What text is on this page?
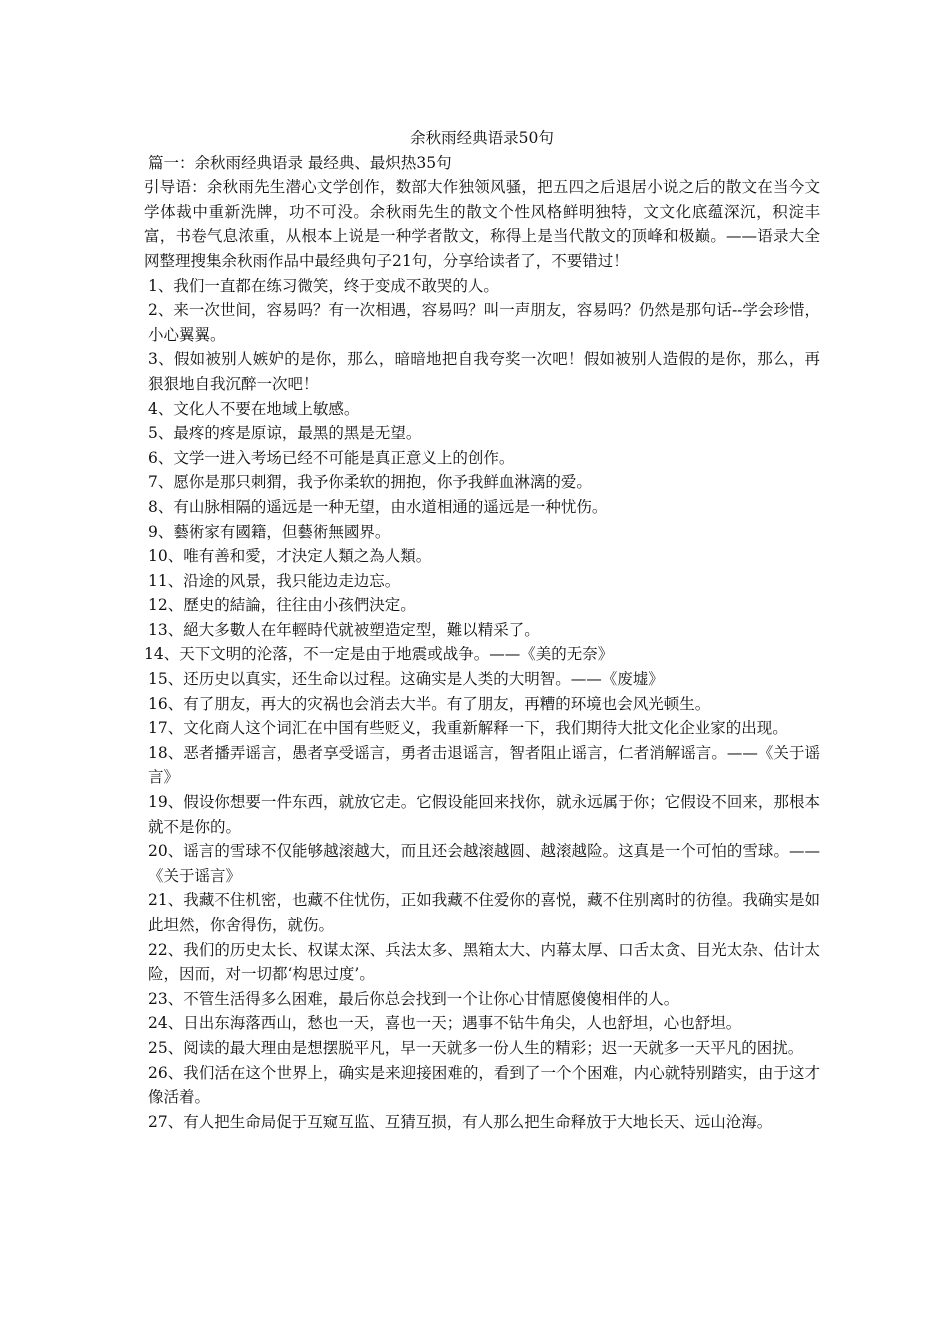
余秋雨经典语录50句

篇一：余秋雨经典语录 最经典、最炽热35句

引导语：余秋雨先生潜心文学创作，数部大作独领风骚，把五四之后退居小说之后的散文在当今文学体裁中重新洗牌，功不可没。余秋雨先生的散文个性风格鲜明独特，文文化底蕴深沉，积淀丰富，书卷气息浓重，从根本上说是一种学者散文，称得上是当代散文的顶峰和极巅。——语录大全网整理搜集余秋雨作品中最经典句子21句，分享给读者了，不要错过！

1、我们一直都在练习微笑，终于变成不敢哭的人。

2、来一次世间，容易吗？有一次相遇，容易吗？叫一声朋友，容易吗？仍然是那句话--学会珍惜，小心翼翼。

3、假如被别人嫉妒的是你，那么，暗暗地把自我夸奖一次吧！假如被别人造假的是你，那么，再狠狠地自我沉醉一次吧！

4、文化人不要在地域上敏感。

5、最疼的疼是原谅，最黑的黑是无望。

6、文学一进入考场已经不可能是真正意义上的创作。

7、愿你是那只刺猬，我予你柔软的拥抱，你予我鲜血淋漓的爱。

8、有山脉相隔的遥远是一种无望，由水道相通的遥远是一种忧伤。

9、藝術家有國籍，但藝術無國界。

10、唯有善和愛，才決定人類之為人類。

11、沿途的风景，我只能边走边忘。

12、歷史的結論，往往由小孩們決定。

13、絕大多數人在年輕時代就被塑造定型，難以精采了。

14、天下文明的沦落，不一定是由于地震或战争。——《美的无奈》

15、还历史以真实，还生命以过程。这确实是人类的大明智。——《废墟》

16、有了朋友，再大的灾祸也会消去大半。有了朋友，再糟的环境也会风光顿生。

17、文化商人这个词汇在中国有些贬义，我重新解释一下，我们期待大批文化企业家的出现。

18、恶者播弄谣言，愚者享受谣言，勇者击退谣言，智者阻止谣言，仁者消解谣言。——《关于谣言》

19、假设你想要一件东西，就放它走。它假设能回来找你，就永远属于你；它假设不回来，那根本就不是你的。

20、谣言的雪球不仅能够越滚越大，而且还会越滚越圆、越滚越险。这真是一个可怕的雪球。——《关于谣言》

21、我藏不住机密，也藏不住忧伤，正如我藏不住爱你的喜悦，藏不住别离时的彷徨。我确实是如此坦然，你舍得伤，就伤。

22、我们的历史太长、权谋太深、兵法太多、黑箱太大、内幕太厚、口舌太贪、目光太杂、估计太险，因而，对一切都‘构思过度’。

23、不管生活得多么困难，最后你总会找到一个让你心甘情愿傻傻相伴的人。

24、日出东海落西山，愁也一天，喜也一天；遇事不钻牛角尖，人也舒坦，心也舒坦。

25、阅读的最大理由是想摆脱平凡，早一天就多一份人生的精彩；迟一天就多一天平凡的困扰。

26、我们活在这个世界上，确实是来迎接困难的，看到了一个个困难，内心就特别踏实，由于这才像活着。

27、有人把生命局促于互窥互监、互猜互损，有人那么把生命释放于大地长天、远山沧海。
